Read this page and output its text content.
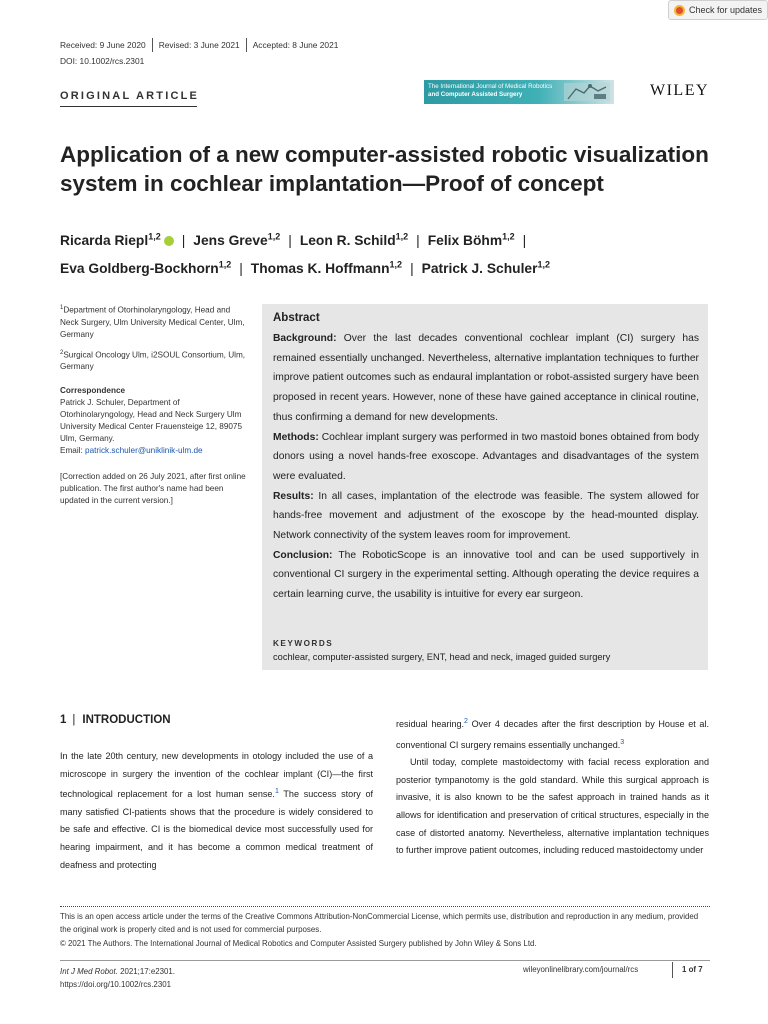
Check for updates
Received: 9 June 2020 Revised: 3 June 2021 Accepted: 8 June 2021
DOI: 10.1002/rcs.2301
ORIGINAL ARTICLE
The International Journal of Medical Robotics
and Computer Assisted Surgery	WILEY
Application of a new computer-assisted robotic visualization system in cochlear implantation—Proof of concept
Ricarda Riepl$^{1,2}$ | Jens Greve$^{1,2}$ | Leon R. Schild$^{1,2}$ | Felix Böhm$^{1,2}$ |
Eva Goldberg-Bockhorn$^{1,2}$ | Thomas K. Hoffmann$^{1,2}$ | Patrick J. Schuler$^{1,2}$

$^1$Department of Otorhinolaryngology, Head and Neck Surgery, Ulm University Medical Center, Ulm, Germany

$^2$Surgical Oncology Ulm, i2SOUL Consortium, Ulm, Germany

Correspondence

Patrick J. Schuler, Department of Otorhinolaryngology, Head and Neck Surgery Ulm University Medical Center Frauensteige 12, 89075 Ulm, Germany.

Email: patrick.schuler@uniklinik-ulm.de

[Correction added on 26 July 2021, after first online publication. The first author's name had been updated in the current version.]

Abstract

Background: Over the last decades conventional cochlear implant (CI) surgery has remained essentially unchanged. Nevertheless, alternative implantation techniques to further improve patient outcomes such as endaural implantation or robot-assisted surgery have been proposed in recent years. However, none of these have gained acceptance in clinical routine, thus confirming a demand for new developments.

Methods: Cochlear implant surgery was performed in two mastoid bones obtained from body donors using a novel hands-free exoscope. Advantages and disadvantages of the system were evaluated.

Results: In all cases, implantation of the electrode was feasible. The system allowed for hands-free movement and adjustment of the exoscope by the head-mounted display. Network connectivity of the system leaves room for improvement.

Conclusion: The RoboticScope is an innovative tool and can be used supportively in conventional CI surgery in the experimental setting. Although operating the device requires a certain learning curve, the usability is intuitive for every ear surgeon.

KEYWORDS
cochlear, computer-assisted surgery, ENT, head and neck, imaged guided surgery
1 | INTRODUCTION

In the late 20th century, new developments in otology included the use of a microscope in surgery the invention of the cochlear implant (CI)—the first technological replacement for a lost human sense.$^1$ The success story of many satisfied CI-patients shows that the procedure is widely considered to be safe and effective. CI is the biomedical device most successfully used for hearing impairment, and it has become a common medical treatment of deafness and protecting

residual hearing.$^2$ Over 4 decades after the first description by House et al. conventional CI surgery remains essentially unchanged.$^3$

Until today, complete mastoidectomy with facial recess exploration and posterior tympanotomy is the gold standard. While this surgical approach is invasive, it is also known to be the safest approach in trained hands as it allows for identification and preservation of critical structures, especially in the case of distorted anatomy. Nevertheless, alternative implantation techniques to further improve patient outcomes, including reduced mastoidectomy under

This is an open access article under the terms of the Creative Commons Attribution-NonCommercial License, which permits use, distribution and reproduction in any medium, provided the original work is properly cited and is not used for commercial purposes.
© 2021 The Authors. The International Journal of Medical Robotics and Computer Assisted Surgery published by John Wiley & Sons Ltd.
Int J Med Robot. 2021;17:e2301.
https://doi.org/10.1002/rcs.2301
wileyonlinelibrary.com/journal/rcs	1 of 7
